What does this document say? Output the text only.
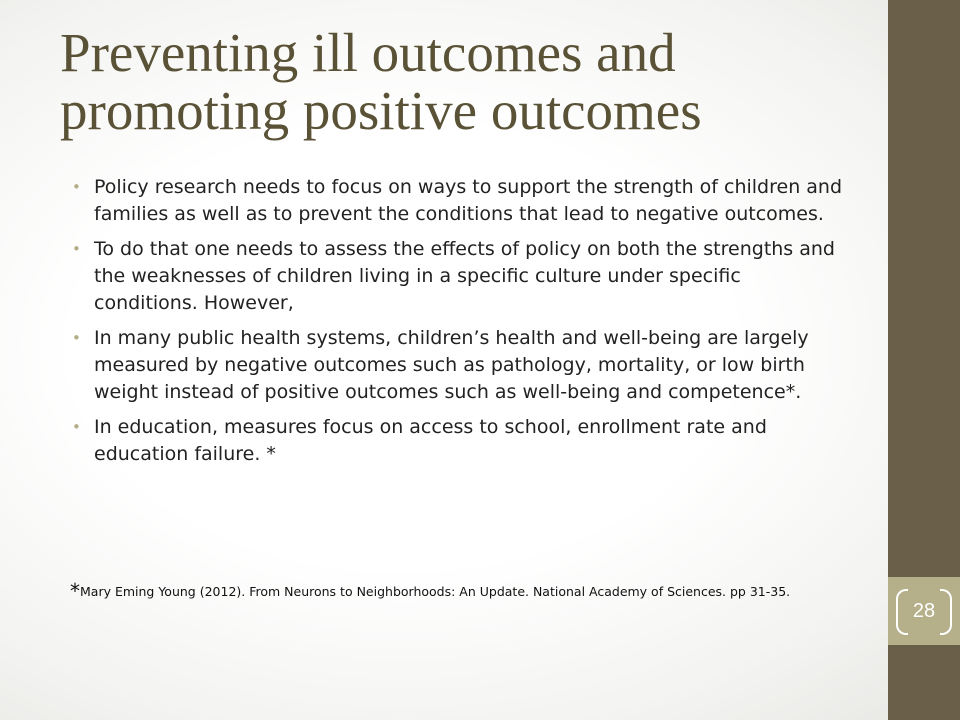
28
Preventing ill outcomes and promoting positive outcomes
• Policy research needs to focus on ways to support the strength of children and families as well as to prevent the conditions that lead to negative outcomes.
• To do that one needs to assess the effects of policy on both the strengths and the weaknesses of children living in a specific culture under specific conditions. However,
• In many public health systems, children’s health and well-being are largely measured by negative outcomes such as pathology, mortality, or low birth weight instead of positive outcomes such as well-being and competence*.
• In education, measures focus on access to school, enrollment rate and education failure. *

*Mary Eming Young (2012). From Neurons to Neighborhoods: An Update. National Academy of Sciences. pp 31-35.
